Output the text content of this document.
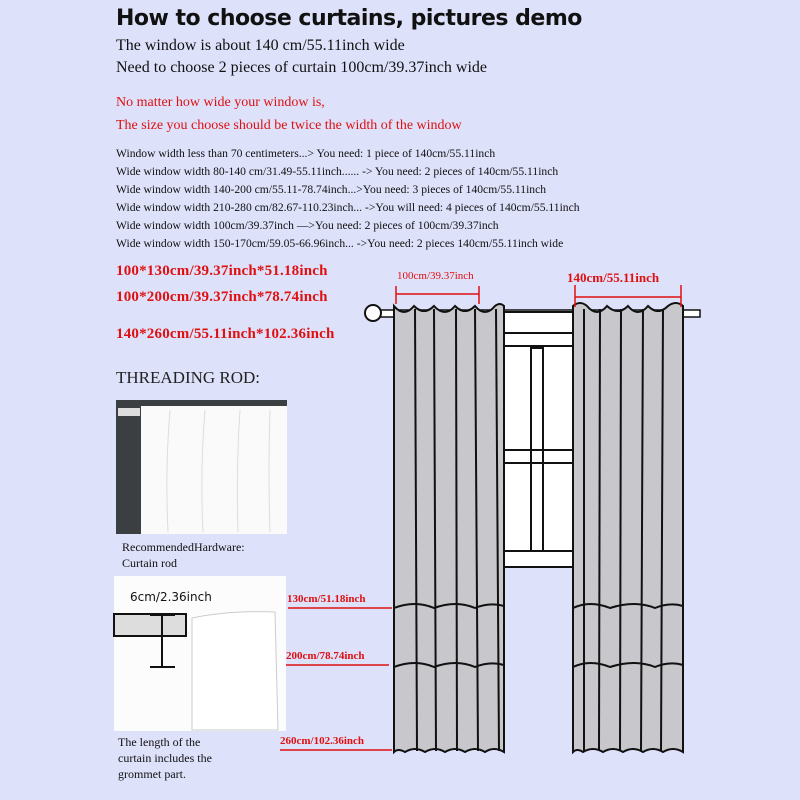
How to choose curtains, pictures demo
The window is about 140 cm/55.11inch wide
Need to choose 2 pieces of curtain 100cm/39.37inch wide
No matter how wide your window is,
The size you choose should be twice the width of the window
Window width less than 70 centimeters...> You need: 1 piece of 140cm/55.11inch
Wide window width 80-140 cm/31.49-55.11inch...... -> You need: 2 pieces of 140cm/55.11inch
Wide window width 140-200 cm/55.11-78.74inch...>You need: 3 pieces of 140cm/55.11inch
Wide window width 210-280 cm/82.67-110.23inch... ->You will need: 4 pieces of 140cm/55.11inch
Wide window width 100cm/39.37inch —>You need: 2 pieces of 100cm/39.37inch
Wide window width 150-170cm/59.05-66.96inch... ->You need: 2 pieces 140cm/55.11inch wide
100*130cm/39.37inch*51.18inch
100*200cm/39.37inch*78.74inch
140*260cm/55.11inch*102.36inch
THREADING ROD:
100cm/39.37inch	140cm/55.11inch
130cm/51.18inch
200cm/78.74inch
260cm/102.36inch
RecommendedHardware:
Curtain rod
6cm/2.36inch
The length of the
curtain includes the
grommet part.
